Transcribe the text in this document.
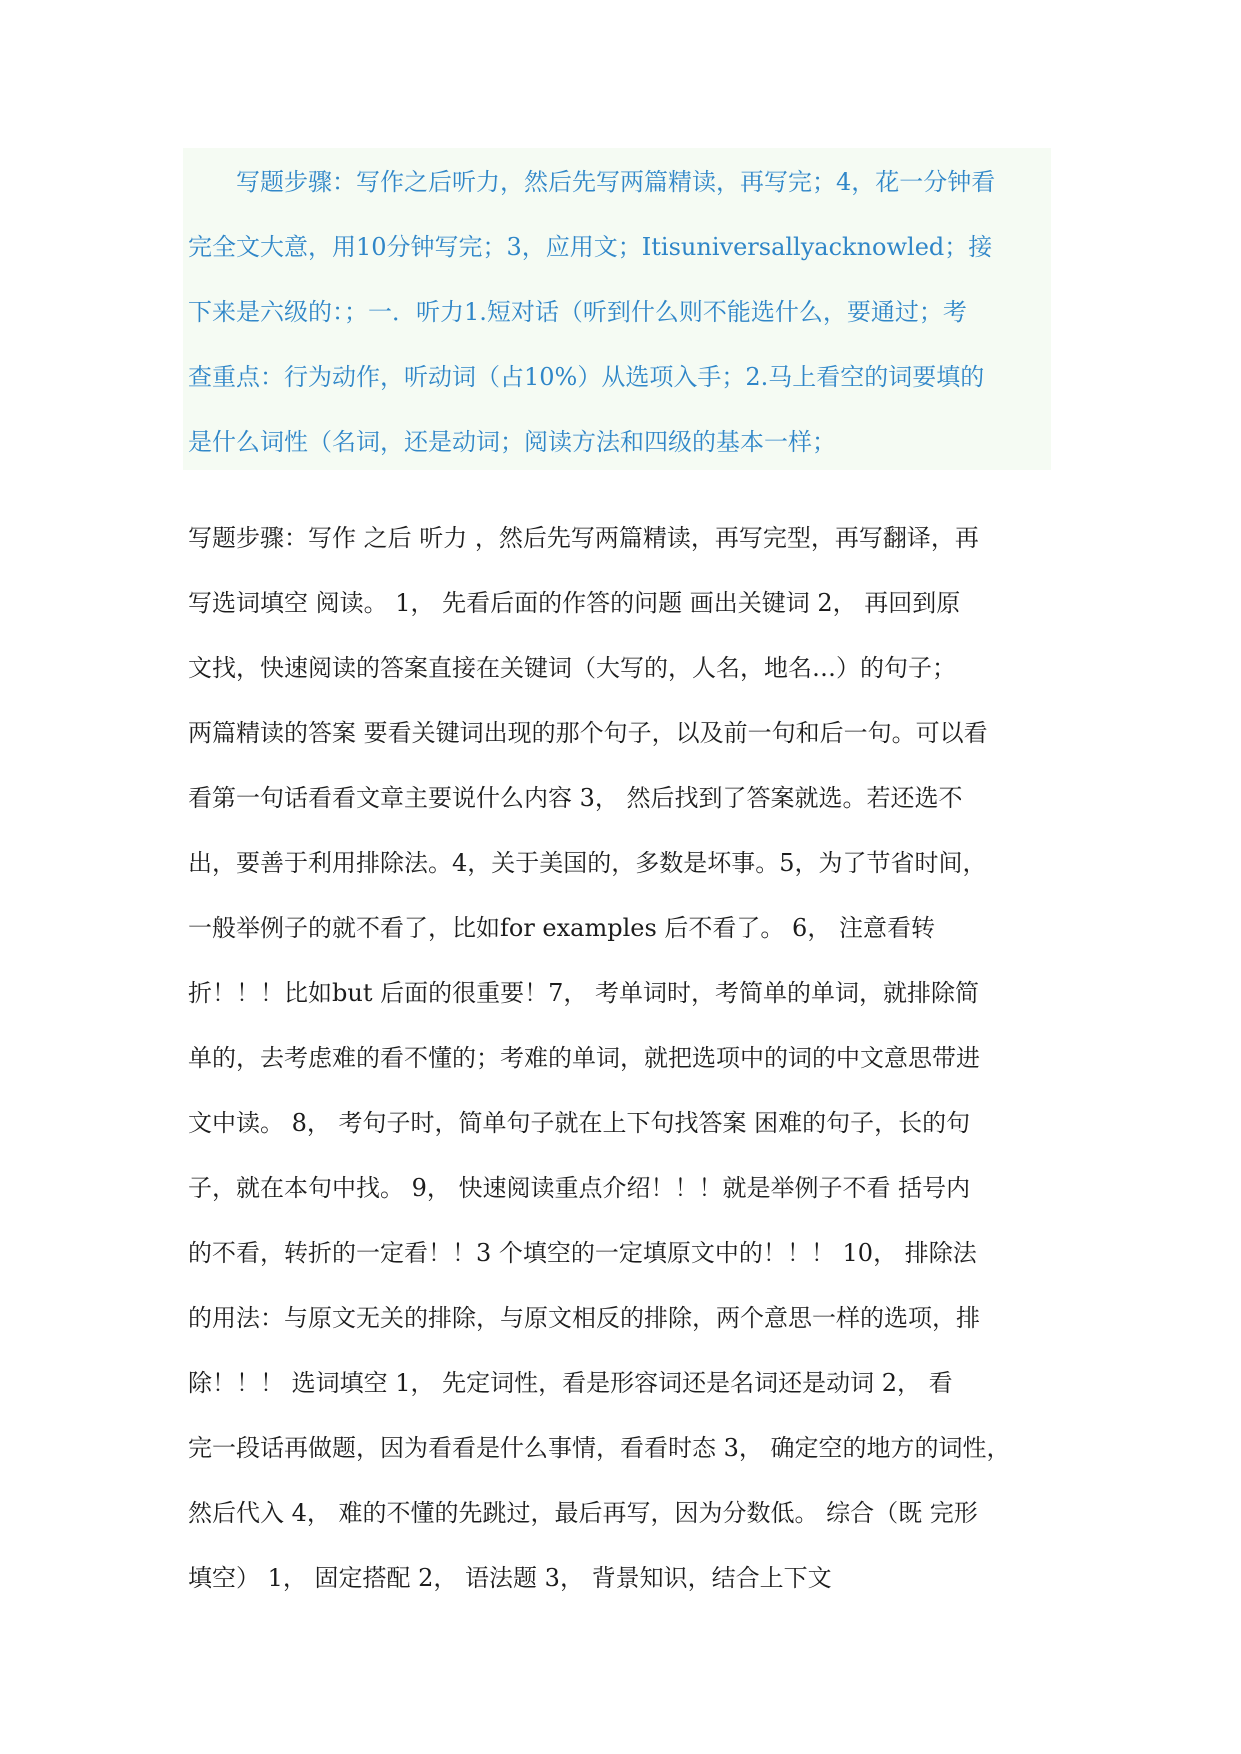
写题步骤：写作之后听力，然后先写两篇精读，再写完；4，花一分钟看
完全文大意，用10分钟写完；3，应用文；Itisuniversallyacknowled；接
下来是六级的：；一．听力1.短对话（听到什么则不能选什么，要通过；考
查重点：行为动作，听动词（占10%）从选项入手；2.马上看空的词要填的
是什么词性（名词，还是动词；阅读方法和四级的基本一样；
写题步骤：写作 之后 听力 ，然后先写两篇精读，再写完型，再写翻译，再
写选词填空 阅读。 1， 先看后面的作答的问题 画出关键词 2， 再回到原
文找，快速阅读的答案直接在关键词（大写的，人名，地名…）的句子；
两篇精读的答案 要看关键词出现的那个句子，以及前一句和后一句。可以看
看第一句话看看文章主要说什么内容 3， 然后找到了答案就选。若还选不
出，要善于利用排除法。4，关于美国的，多数是坏事。5，为了节省时间，
一般举例子的就不看了，比如for examples 后不看了。 6， 注意看转
折！！！比如but 后面的很重要！7， 考单词时，考简单的单词，就排除简
单的，去考虑难的看不懂的；考难的单词，就把选项中的词的中文意思带进
文中读。 8， 考句子时，简单句子就在上下句找答案 困难的句子，长的句
子，就在本句中找。 9， 快速阅读重点介绍！！！就是举例子不看 括号内
的不看，转折的一定看！！3 个填空的一定填原文中的！！！ 10， 排除法
的用法：与原文无关的排除，与原文相反的排除，两个意思一样的选项，排
除！！！ 选词填空 1， 先定词性，看是形容词还是名词还是动词 2， 看
完一段话再做题，因为看看是什么事情，看看时态 3， 确定空的地方的词性，
然后代入 4， 难的不懂的先跳过，最后再写，因为分数低。 综合（既 完形
填空） 1， 固定搭配 2， 语法题 3， 背景知识，结合上下文
